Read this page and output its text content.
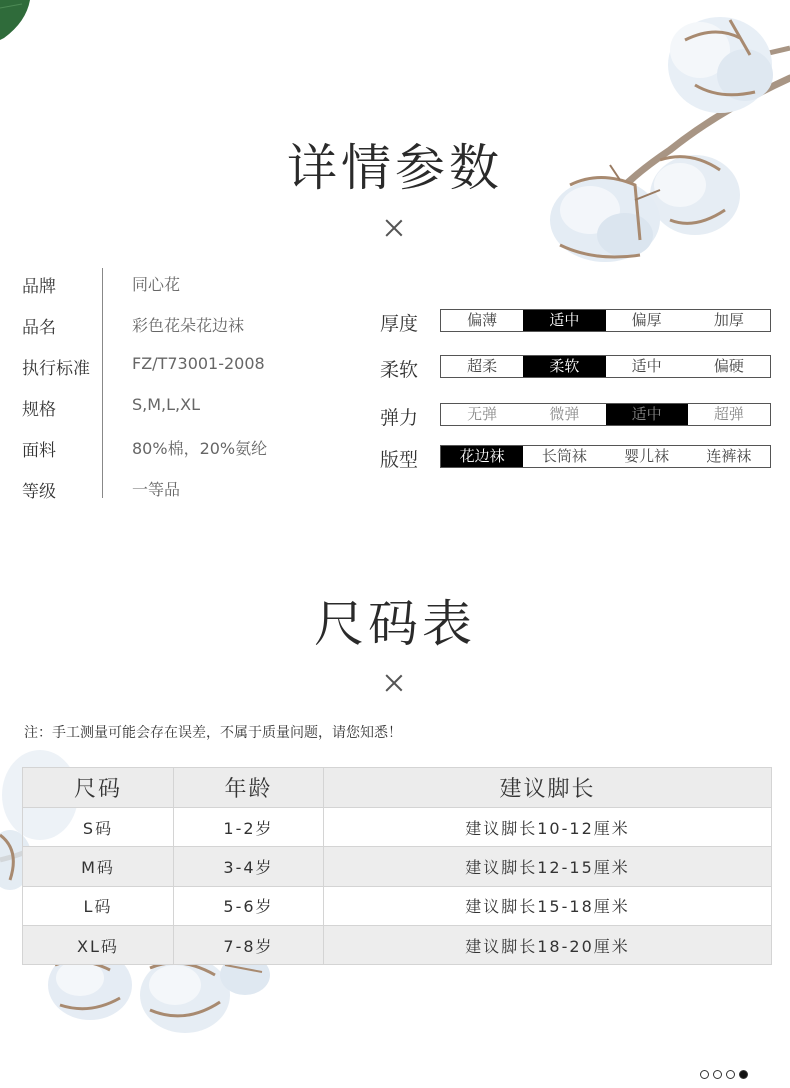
详情参数
品牌	同心花
品名	彩色花朵花边袜
执行标准	FZ/T73001-2008
规格	S,M,L,XL
面料	80%棉，20%氨纶
等级	一等品
厚度	偏薄	适中	偏厚	加厚
柔软	超柔	柔软	适中	偏硬
弹力	无弹	微弹	适中	超弹
版型	花边袜	长筒袜	婴儿袜	连裤袜
尺码表
注：手工测量可能会存在误差，不属于质量问题，请您知悉！
尺码	年龄	建议脚长
S码	1-2岁	建议脚长10-12厘米
M码	3-4岁	建议脚长12-15厘米
L码	5-6岁	建议脚长15-18厘米
XL码	7-8岁	建议脚长18-20厘米
